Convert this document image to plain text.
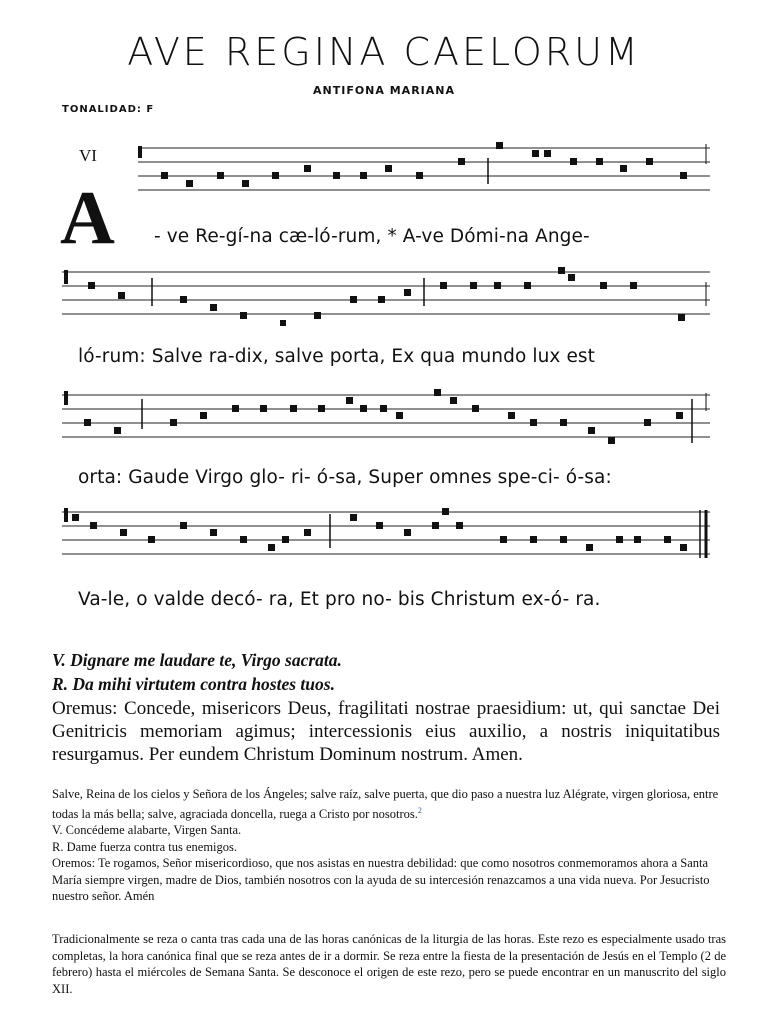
AVE REGINA CAELORUM
ANTIFONA MARIANA
TONALIDAD: F
VI
A - ve Re-gí-na cæ-ló-rum, * A-ve Dómi-na Ange-
ló-rum: Salve ra-dix, salve porta, Ex qua mundo lux est
orta: Gaude Virgo glo- ri- ó-sa, Super omnes spe-ci- ó-sa:
Va-le, o valde decó- ra, Et pro no- bis Christum ex-ó- ra.
V. Dignare me laudare te, Virgo sacrata.
R. Da mihi virtutem contra hostes tuos.

Oremus: Concede, misericors Deus, fragilitati nostrae praesidium: ut, qui sanctae Dei Genitricis memoriam agimus; intercessionis eius auxilio, a nostris iniquitatibus resurgamus. Per eundem Christum Dominum nostrum. Amen.

Salve, Reina de los cielos y Señora de los Ángeles; salve raíz, salve puerta, que dio paso a nuestra luz Alégrate, virgen gloriosa, entre todas la más bella; salve, agraciada doncella, ruega a Cristo por nosotros.$^2$

V. Concédeme alabarte, Virgen Santa.

R. Dame fuerza contra tus enemigos.

Oremos: Te rogamos, Señor misericordioso, que nos asistas en nuestra debilidad: que como nosotros conmemoramos ahora a Santa María siempre virgen, madre de Dios, también nosotros con la ayuda de su intercesión renazcamos a una vida nueva. Por Jesucristo nuestro señor. Amén

Tradicionalmente se reza o canta tras cada una de las horas canónicas de la liturgia de las horas. Este rezo es especialmente usado tras completas, la hora canónica final que se reza antes de ir a dormir. Se reza entre la fiesta de la presentación de Jesús en el Templo (2 de febrero) hasta el miércoles de Semana Santa. Se desconoce el origen de este rezo, pero se puede encontrar en un manuscrito del siglo XII.
